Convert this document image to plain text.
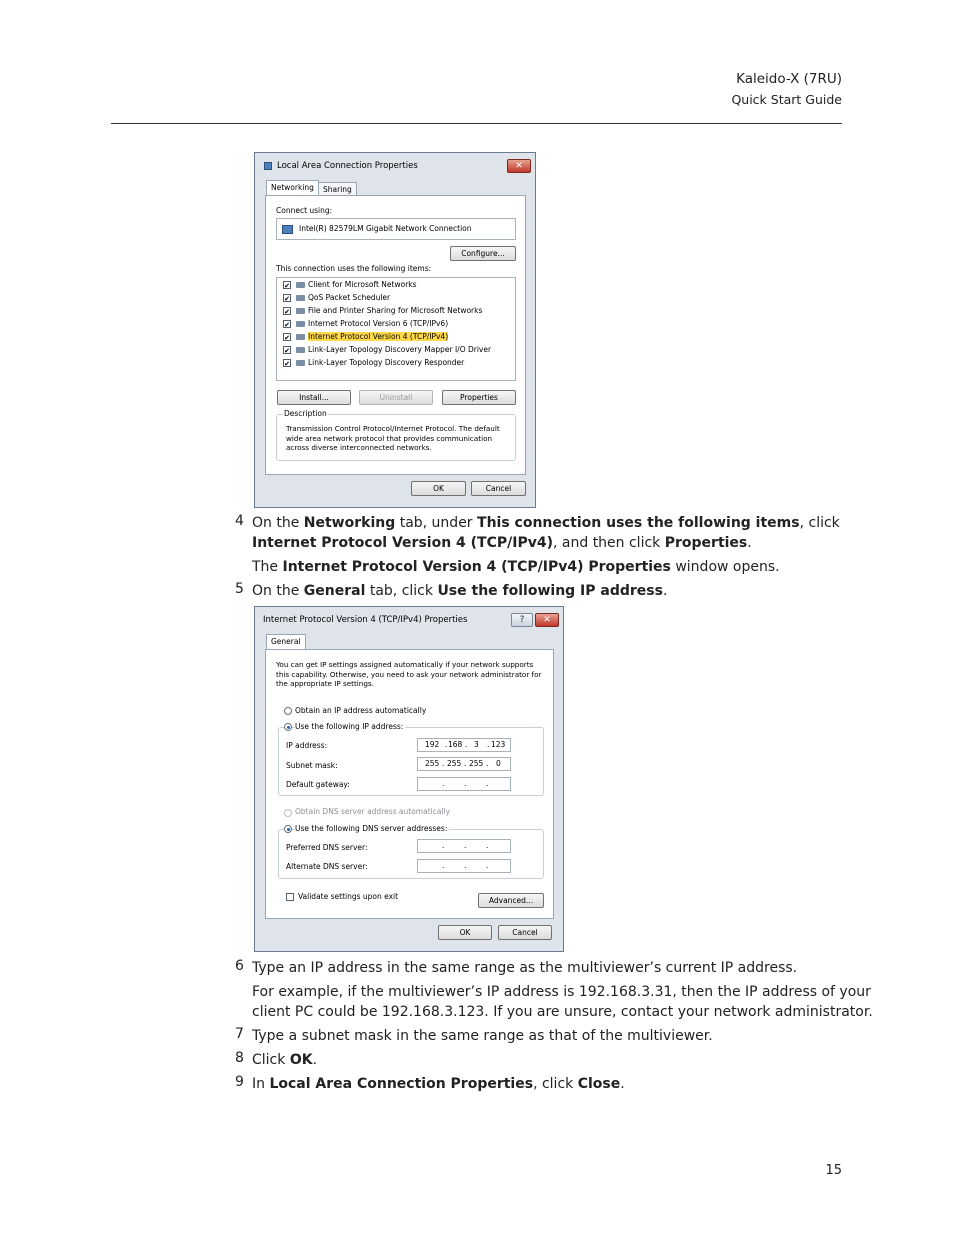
Kaleido-X (7RU)
Quick Start Guide
Local Area Connection Properties	✕
Networking	Sharing
Connect using:
Intel(R) 82579LM Gigabit Network Connection
Configure...
This connection uses the following items:
✔ Client for Microsoft Networks
✔ QoS Packet Scheduler
✔ File and Printer Sharing for Microsoft Networks
✔ Internet Protocol Version 6 (TCP/IPv6)
✔ Internet Protocol Version 4 (TCP/IPv4)
✔ Link-Layer Topology Discovery Mapper I/O Driver
✔ Link-Layer Topology Discovery Responder
Install...	Uninstall	Properties
Description
Transmission Control Protocol/Internet Protocol. The default wide area network protocol that provides communication across diverse interconnected networks.
OK	Cancel
4 On the Networking tab, under This connection uses the following items, click Internet Protocol Version 4 (TCP/IPv4), and then click Properties.
The Internet Protocol Version 4 (TCP/IPv4) Properties window opens.
5 On the General tab, click Use the following IP address.
Internet Protocol Version 4 (TCP/IPv4) Properties	?	✕
General
You can get IP settings assigned automatically if your network supports this capability. Otherwise, you need to ask your network administrator for the appropriate IP settings.
Obtain an IP address automatically
Use the following IP address:
IP address:	192 . 168 . 3 . 123
Subnet mask:	255 . 255 . 255 . 0
Default gateway:	.	.	.
Obtain DNS server address automatically
Use the following DNS server addresses:
Preferred DNS server:	.	.	.
Alternate DNS server:	.	.	.
Validate settings upon exit	Advanced...
OK	Cancel
6 Type an IP address in the same range as the multiviewer’s current IP address.
For example, if the multiviewer’s IP address is 192.168.3.31, then the IP address of your
client PC could be 192.168.3.123. If you are unsure, contact your network administrator.
7 Type a subnet mask in the same range as that of the multiviewer.
8 Click OK.
9 In Local Area Connection Properties, click Close.
15
